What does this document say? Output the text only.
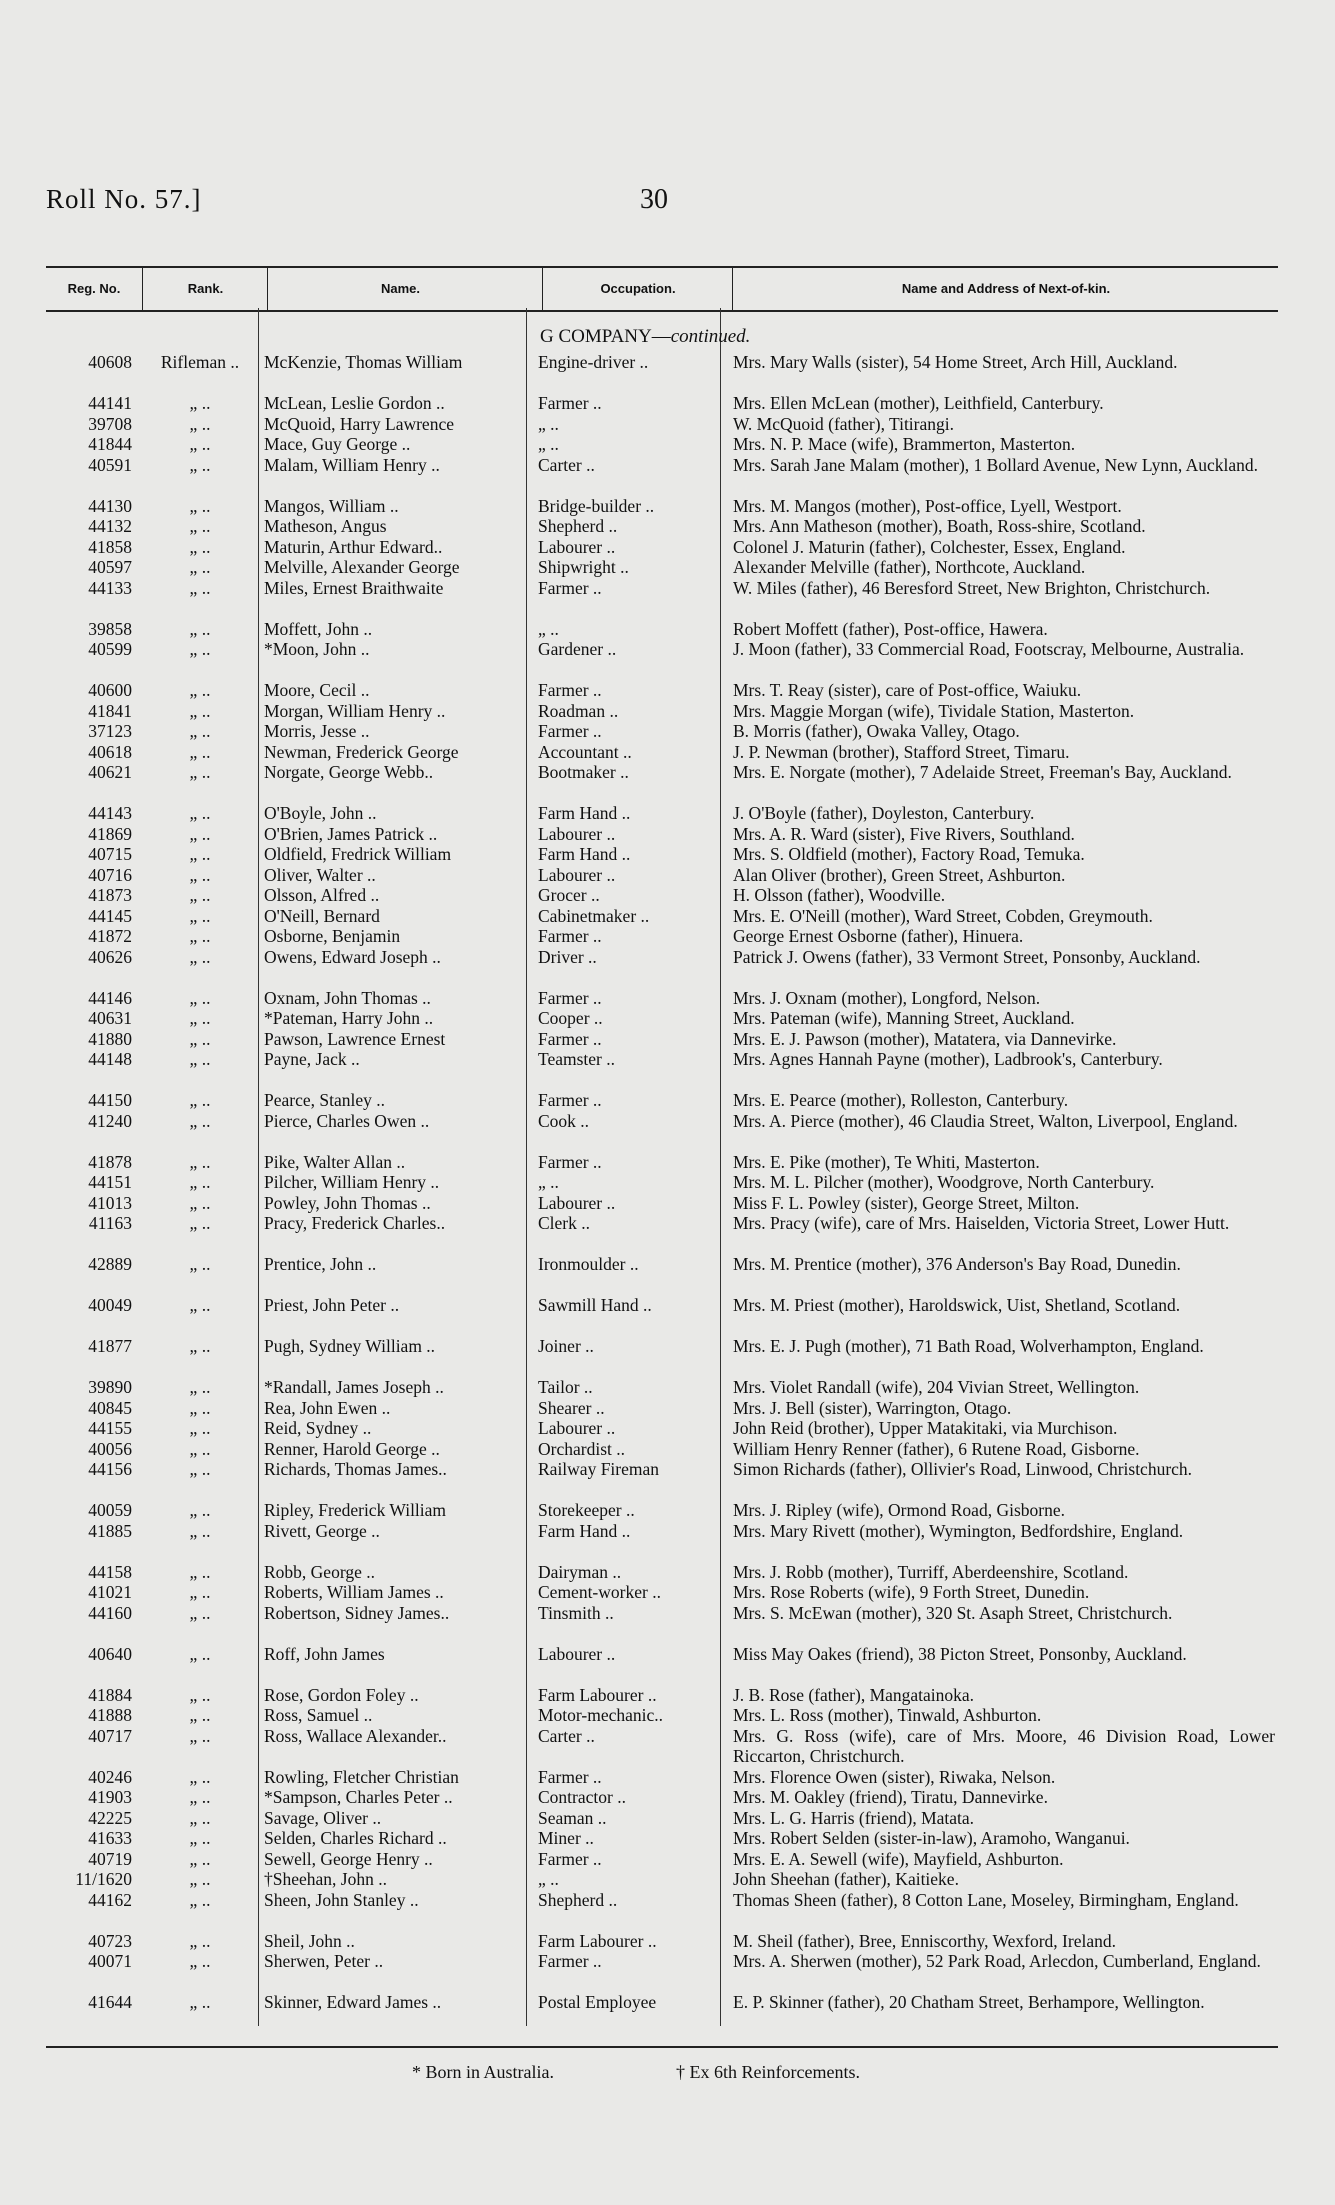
Roll No. 57.]	30
Reg. No.	Rank.	Name.	Occupation.	Name and Address of Next-of-kin.
G COMPANY—continued.
40608	Rifleman ..	McKenzie, Thomas William	Engine-driver ..	Mrs. Mary Walls (sister), 54 Home Street, Arch Hill, Auckland.
44141	„ ..	McLean, Leslie Gordon ..	Farmer ..	Mrs. Ellen McLean (mother), Leithfield, Canterbury.
39708	„ ..	McQuoid, Harry Lawrence	„ ..	W. McQuoid (father), Titirangi.
41844	„ ..	Mace, Guy George ..	„ ..	Mrs. N. P. Mace (wife), Brammerton, Masterton.
40591	„ ..	Malam, William Henry ..	Carter ..	Mrs. Sarah Jane Malam (mother), 1 Bollard Avenue, New Lynn, Auckland.
44130	„ ..	Mangos, William ..	Bridge-builder ..	Mrs. M. Mangos (mother), Post-office, Lyell, Westport.
44132	„ ..	Matheson, Angus	Shepherd ..	Mrs. Ann Matheson (mother), Boath, Ross-shire, Scotland.
41858	„ ..	Maturin, Arthur Edward..	Labourer ..	Colonel J. Maturin (father), Colchester, Essex, England.
40597	„ ..	Melville, Alexander George	Shipwright ..	Alexander Melville (father), Northcote, Auckland.
44133	„ ..	Miles, Ernest Braithwaite	Farmer ..	W. Miles (father), 46 Beresford Street, New Brighton, Christchurch.
39858	„ ..	Moffett, John ..	„ ..	Robert Moffett (father), Post-office, Hawera.
40599	„ ..	*Moon, John ..	Gardener ..	J. Moon (father), 33 Commercial Road, Footscray, Melbourne, Australia.
40600	„ ..	Moore, Cecil ..	Farmer ..	Mrs. T. Reay (sister), care of Post-office, Waiuku.
41841	„ ..	Morgan, William Henry ..	Roadman ..	Mrs. Maggie Morgan (wife), Tividale Station, Masterton.
37123	„ ..	Morris, Jesse ..	Farmer ..	B. Morris (father), Owaka Valley, Otago.
40618	„ ..	Newman, Frederick George	Accountant ..	J. P. Newman (brother), Stafford Street, Timaru.
40621	„ ..	Norgate, George Webb..	Bootmaker ..	Mrs. E. Norgate (mother), 7 Adelaide Street, Freeman's Bay, Auckland.
44143	„ ..	O'Boyle, John ..	Farm Hand ..	J. O'Boyle (father), Doyleston, Canterbury.
41869	„ ..	O'Brien, James Patrick ..	Labourer ..	Mrs. A. R. Ward (sister), Five Rivers, Southland.
40715	„ ..	Oldfield, Fredrick William	Farm Hand ..	Mrs. S. Oldfield (mother), Factory Road, Temuka.
40716	„ ..	Oliver, Walter ..	Labourer ..	Alan Oliver (brother), Green Street, Ashburton.
41873	„ ..	Olsson, Alfred ..	Grocer ..	H. Olsson (father), Woodville.
44145	„ ..	O'Neill, Bernard	Cabinetmaker ..	Mrs. E. O'Neill (mother), Ward Street, Cobden, Greymouth.
41872	„ ..	Osborne, Benjamin	Farmer ..	George Ernest Osborne (father), Hinuera.
40626	„ ..	Owens, Edward Joseph ..	Driver ..	Patrick J. Owens (father), 33 Vermont Street, Ponsonby, Auckland.
44146	„ ..	Oxnam, John Thomas ..	Farmer ..	Mrs. J. Oxnam (mother), Longford, Nelson.
40631	„ ..	*Pateman, Harry John ..	Cooper ..	Mrs. Pateman (wife), Manning Street, Auckland.
41880	„ ..	Pawson, Lawrence Ernest	Farmer ..	Mrs. E. J. Pawson (mother), Matatera, via Dannevirke.
44148	„ ..	Payne, Jack ..	Teamster ..	Mrs. Agnes Hannah Payne (mother), Ladbrook's, Canterbury.
44150	„ ..	Pearce, Stanley ..	Farmer ..	Mrs. E. Pearce (mother), Rolleston, Canterbury.
41240	„ ..	Pierce, Charles Owen ..	Cook ..	Mrs. A. Pierce (mother), 46 Claudia Street, Walton, Liverpool, England.
41878	„ ..	Pike, Walter Allan ..	Farmer ..	Mrs. E. Pike (mother), Te Whiti, Masterton.
44151	„ ..	Pilcher, William Henry ..	„ ..	Mrs. M. L. Pilcher (mother), Woodgrove, North Canterbury.
41013	„ ..	Powley, John Thomas ..	Labourer ..	Miss F. L. Powley (sister), George Street, Milton.
41163	„ ..	Pracy, Frederick Charles..	Clerk ..	Mrs. Pracy (wife), care of Mrs. Haiselden, Victoria Street, Lower Hutt.
42889	„ ..	Prentice, John ..	Ironmoulder ..	Mrs. M. Prentice (mother), 376 Anderson's Bay Road, Dunedin.
40049	„ ..	Priest, John Peter ..	Sawmill Hand ..	Mrs. M. Priest (mother), Haroldswick, Uist, Shetland, Scotland.
41877	„ ..	Pugh, Sydney William ..	Joiner ..	Mrs. E. J. Pugh (mother), 71 Bath Road, Wolverhampton, England.
39890	„ ..	*Randall, James Joseph ..	Tailor ..	Mrs. Violet Randall (wife), 204 Vivian Street, Wellington.
40845	„ ..	Rea, John Ewen ..	Shearer ..	Mrs. J. Bell (sister), Warrington, Otago.
44155	„ ..	Reid, Sydney ..	Labourer ..	John Reid (brother), Upper Matakitaki, via Murchison.
40056	„ ..	Renner, Harold George ..	Orchardist ..	William Henry Renner (father), 6 Rutene Road, Gisborne.
44156	„ ..	Richards, Thomas James..	Railway Fireman	Simon Richards (father), Ollivier's Road, Linwood, Christchurch.
40059	„ ..	Ripley, Frederick William	Storekeeper ..	Mrs. J. Ripley (wife), Ormond Road, Gisborne.
41885	„ ..	Rivett, George ..	Farm Hand ..	Mrs. Mary Rivett (mother), Wymington, Bedfordshire, England.
44158	„ ..	Robb, George ..	Dairyman ..	Mrs. J. Robb (mother), Turriff, Aberdeenshire, Scotland.
41021	„ ..	Roberts, William James ..	Cement-worker ..	Mrs. Rose Roberts (wife), 9 Forth Street, Dunedin.
44160	„ ..	Robertson, Sidney James..	Tinsmith ..	Mrs. S. McEwan (mother), 320 St. Asaph Street, Christchurch.
40640	„ ..	Roff, John James	Labourer ..	Miss May Oakes (friend), 38 Picton Street, Ponsonby, Auckland.
41884	„ ..	Rose, Gordon Foley ..	Farm Labourer ..	J. B. Rose (father), Mangatainoka.
41888	„ ..	Ross, Samuel ..	Motor-mechanic..	Mrs. L. Ross (mother), Tinwald, Ashburton.
40717	„ ..	Ross, Wallace Alexander..	Carter ..	Mrs. G. Ross (wife), care of Mrs. Moore, 46 Division Road, Lower Riccarton, Christchurch.
40246	„ ..	Rowling, Fletcher Christian	Farmer ..	Mrs. Florence Owen (sister), Riwaka, Nelson.
41903	„ ..	*Sampson, Charles Peter ..	Contractor ..	Mrs. M. Oakley (friend), Tiratu, Dannevirke.
42225	„ ..	Savage, Oliver ..	Seaman ..	Mrs. L. G. Harris (friend), Matata.
41633	„ ..	Selden, Charles Richard ..	Miner ..	Mrs. Robert Selden (sister-in-law), Aramoho, Wanganui.
40719	„ ..	Sewell, George Henry ..	Farmer ..	Mrs. E. A. Sewell (wife), Mayfield, Ashburton.
11/1620	„ ..	†Sheehan, John ..	„ ..	John Sheehan (father), Kaitieke.
44162	„ ..	Sheen, John Stanley ..	Shepherd ..	Thomas Sheen (father), 8 Cotton Lane, Moseley, Birmingham, England.
40723	„ ..	Sheil, John ..	Farm Labourer ..	M. Sheil (father), Bree, Enniscorthy, Wexford, Ireland.
40071	„ ..	Sherwen, Peter ..	Farmer ..	Mrs. A. Sherwen (mother), 52 Park Road, Arlecdon, Cumberland, England.
41644	„ ..	Skinner, Edward James ..	Postal Employee	E. P. Skinner (father), 20 Chatham Street, Berhampore, Wellington.
* Born in Australia.	† Ex 6th Reinforcements.
